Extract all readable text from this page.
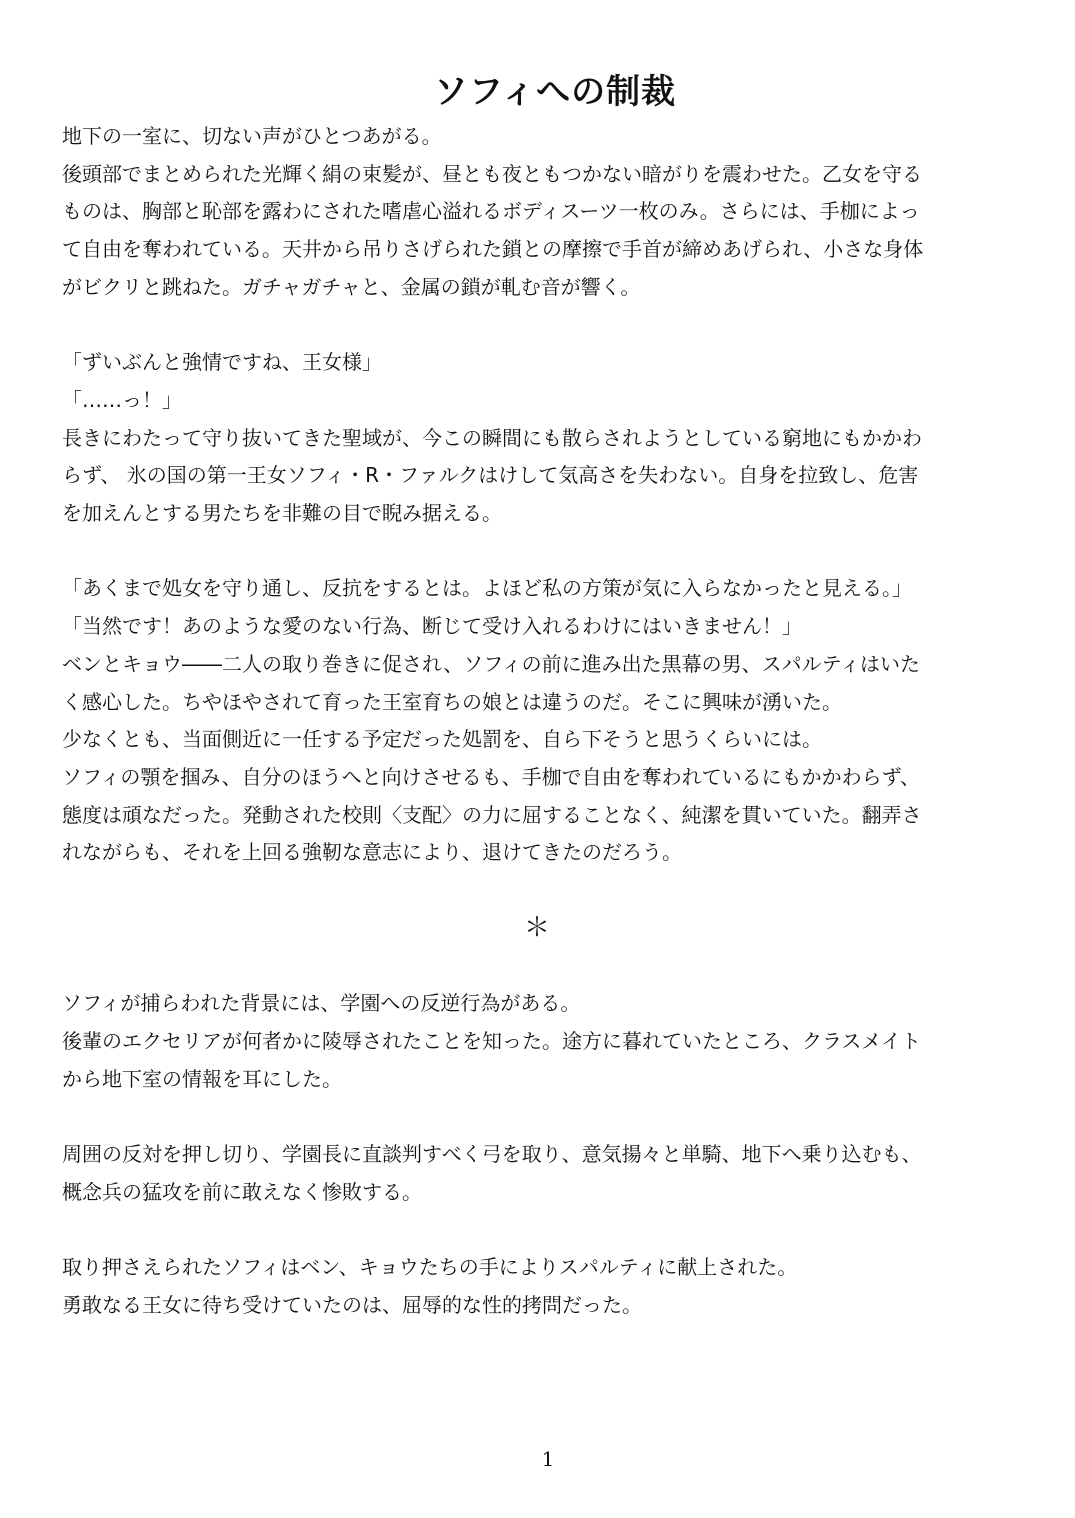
ソフィへの制裁

地下の一室に、切ない声がひとつあがる。

後頭部でまとめられた光輝く絹の束髪が、昼とも夜ともつかない暗がりを震わせた。乙女を守る

ものは、胸部と恥部を露わにされた嗜虐心溢れるボディスーツ一枚のみ。さらには、手枷によっ

て自由を奪われている。天井から吊りさげられた鎖との摩擦で手首が締めあげられ、小さな身体

がビクリと跳ねた。ガチャガチャと、金属の鎖が軋む音が響く。

「ずいぶんと強情ですね、王女様」

「……っ！」

長きにわたって守り抜いてきた聖域が、今この瞬間にも散らされようとしている窮地にもかかわ

らず、 氷の国の第一王女ソフィ・R・ファルクはけして気高さを失わない。自身を拉致し、危害

を加えんとする男たちを非難の目で睨み据える。

「あくまで処女を守り通し、反抗をするとは。よほど私の方策が気に入らなかったと見える。」

「当然です！あのような愛のない行為、断じて受け入れるわけにはいきません！」

ベンとキョウ――二人の取り巻きに促され、ソフィの前に進み出た黒幕の男、スパルティはいた

く感心した。ちやほやされて育った王室育ちの娘とは違うのだ。そこに興味が湧いた。

少なくとも、当面側近に一任する予定だった処罰を、自ら下そうと思うくらいには。

ソフィの顎を掴み、自分のほうへと向けさせるも、手枷で自由を奪われているにもかかわらず、

態度は頑なだった。発動された校則〈支配〉の力に屈することなく、純潔を貫いていた。翻弄さ

れながらも、それを上回る強靭な意志により、退けてきたのだろう。

＊

ソフィが捕らわれた背景には、学園への反逆行為がある。

後輩のエクセリアが何者かに陵辱されたことを知った。途方に暮れていたところ、クラスメイト

から地下室の情報を耳にした。

周囲の反対を押し切り、学園長に直談判すべく弓を取り、意気揚々と単騎、地下へ乗り込むも、

概念兵の猛攻を前に敢えなく惨敗する。

取り押さえられたソフィはベン、キョウたちの手によりスパルティに献上された。

勇敢なる王女に待ち受けていたのは、屈辱的な性的拷問だった。

1
